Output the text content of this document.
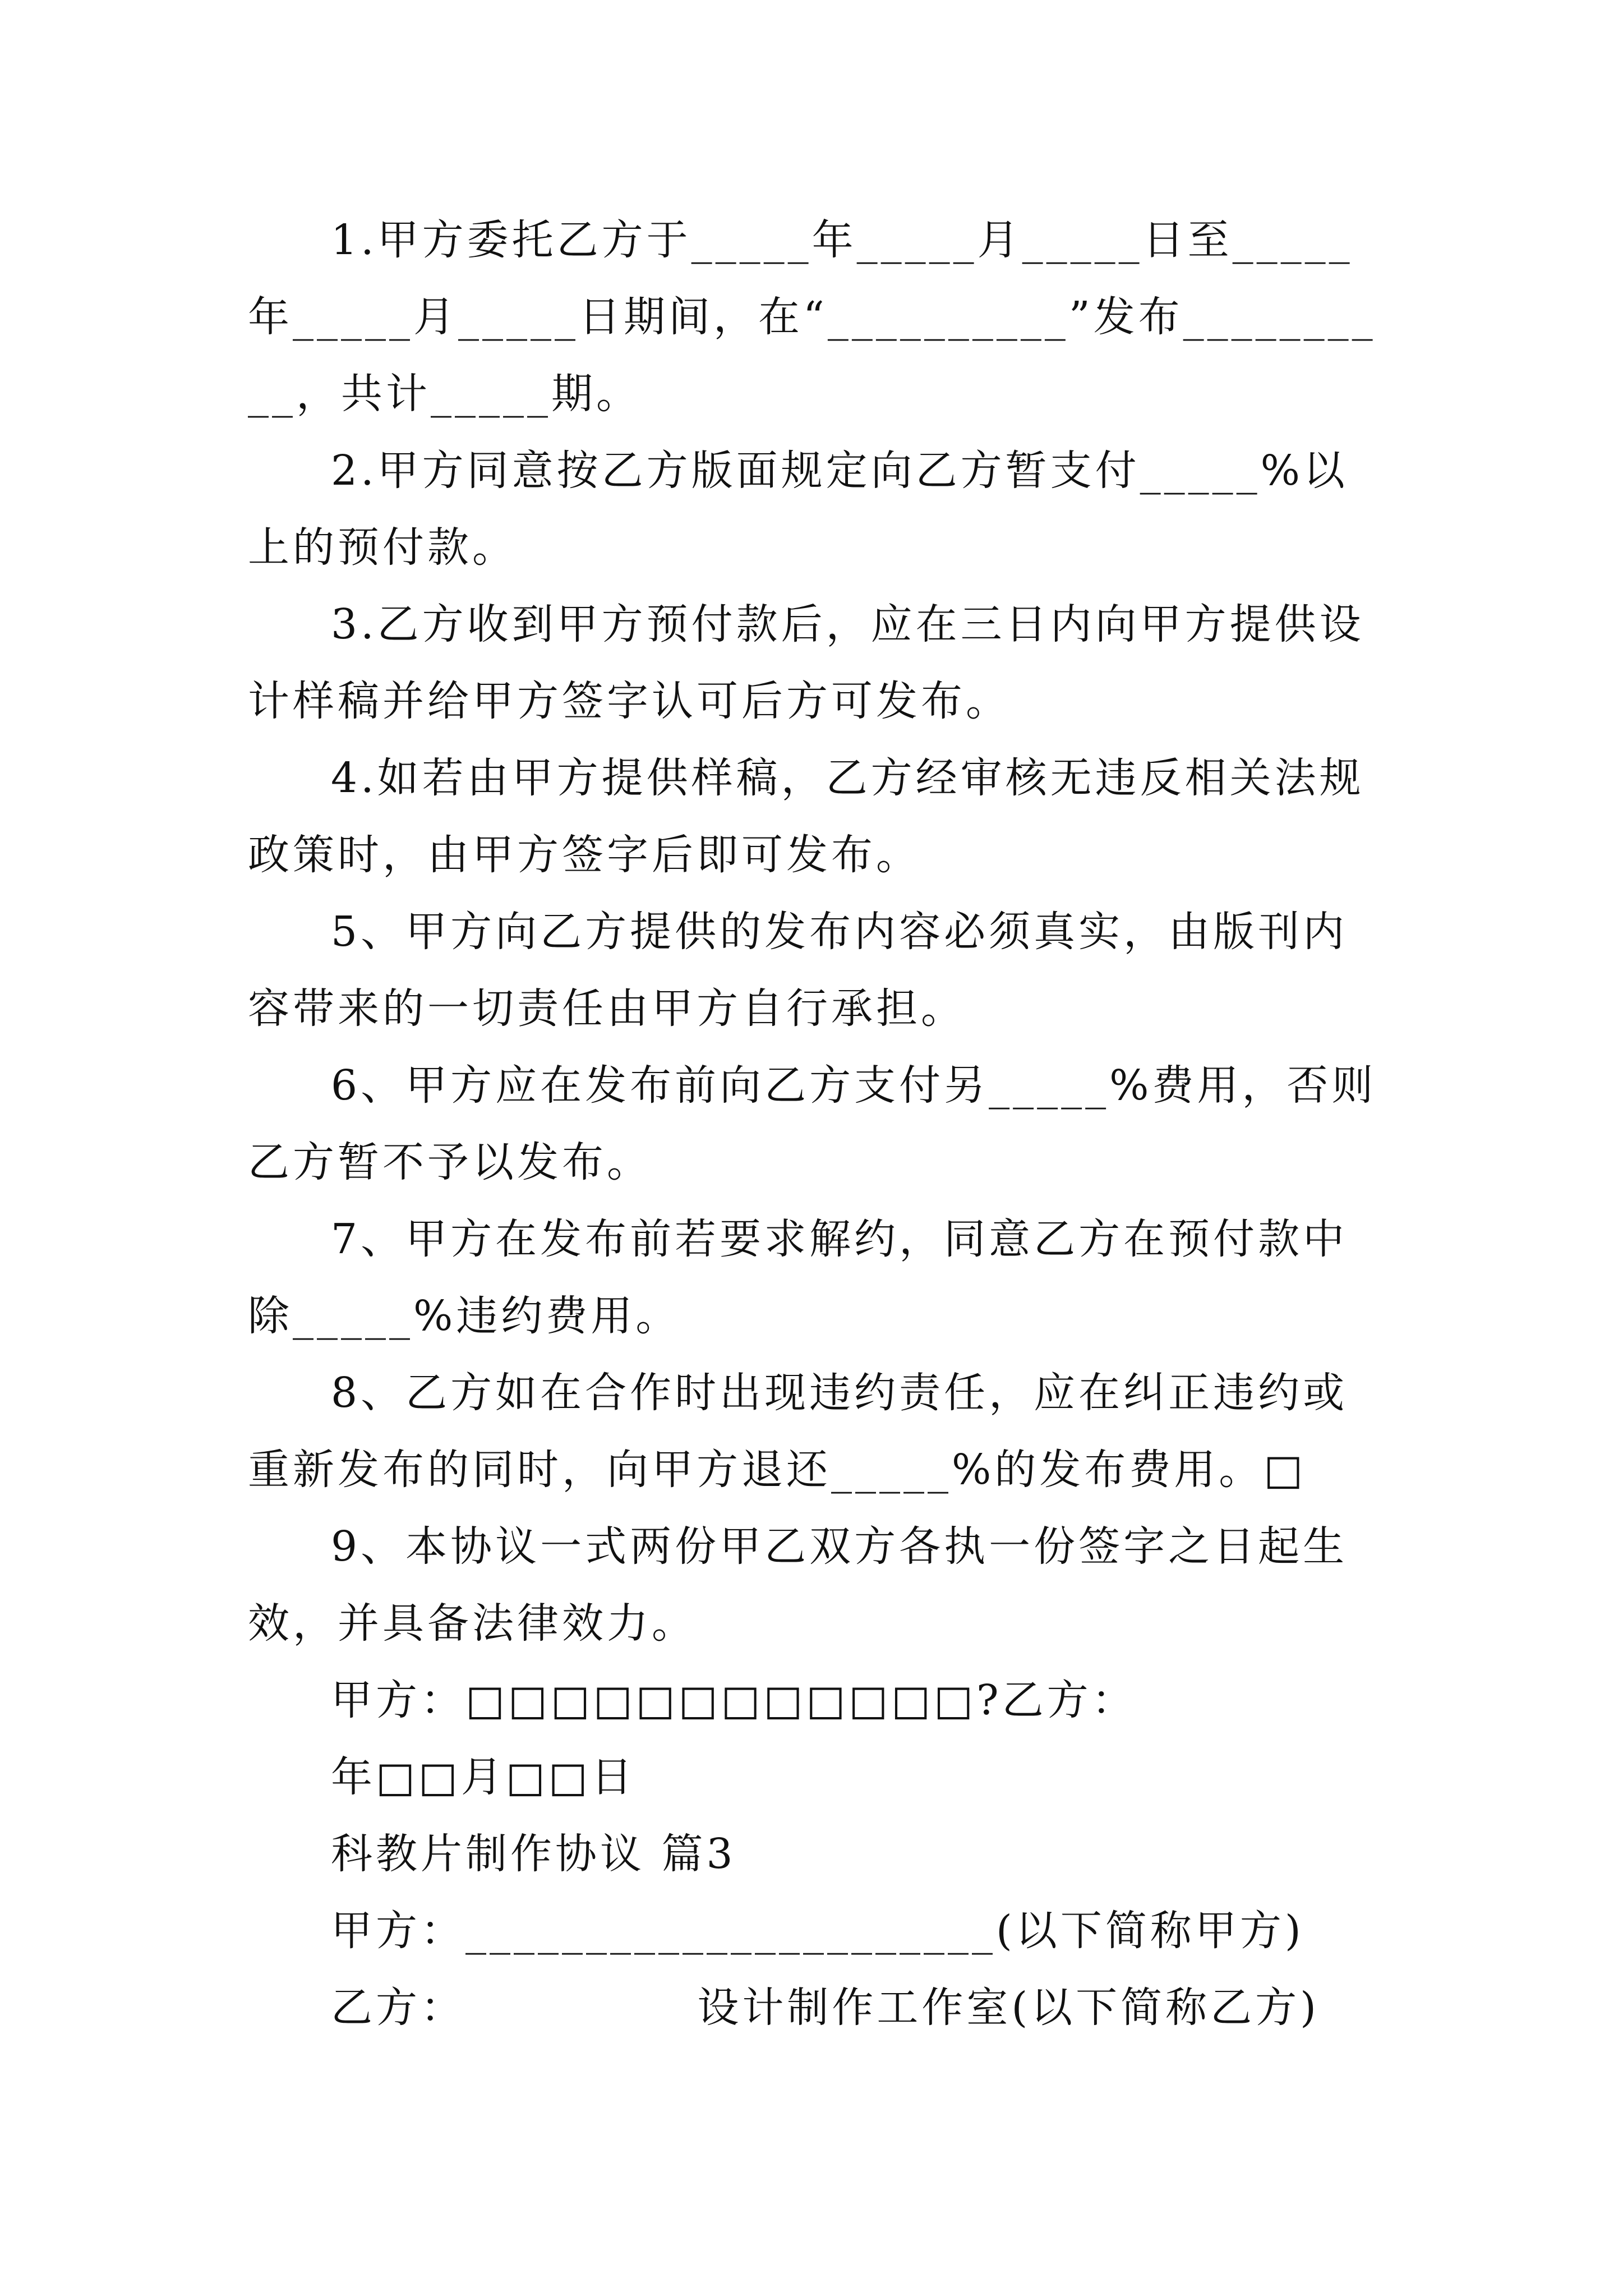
1.甲方委托乙方于_____年_____月_____日至_____年_____月_____日期间，在“__________”发布__________，共计_____期。

2.甲方同意按乙方版面规定向乙方暂支付_____%以上的预付款。

3.乙方收到甲方预付款后，应在三日内向甲方提供设计样稿并给甲方签字认可后方可发布。

4.如若由甲方提供样稿，乙方经审核无违反相关法规政策时，由甲方签字后即可发布。

5、甲方向乙方提供的发布内容必须真实，由版刊内容带来的一切责任由甲方自行承担。

6、甲方应在发布前向乙方支付另_____%费用，否则乙方暂不予以发布。

7、甲方在发布前若要求解约，同意乙方在预付款中除_____%违约费用。

8、乙方如在合作时出现违约责任，应在纠正违约或重新发布的同时，向甲方退还_____%的发布费用。□

9、本协议一式两份甲乙双方各执一份签字之日起生效，并具备法律效力。

甲方：□□□□□□□□□□□□?乙方：

年□□月□□日

科教片制作协议 篇3

甲方：______________________(以下简称甲方)

乙方：              设计制作工作室(以下简称乙方)
